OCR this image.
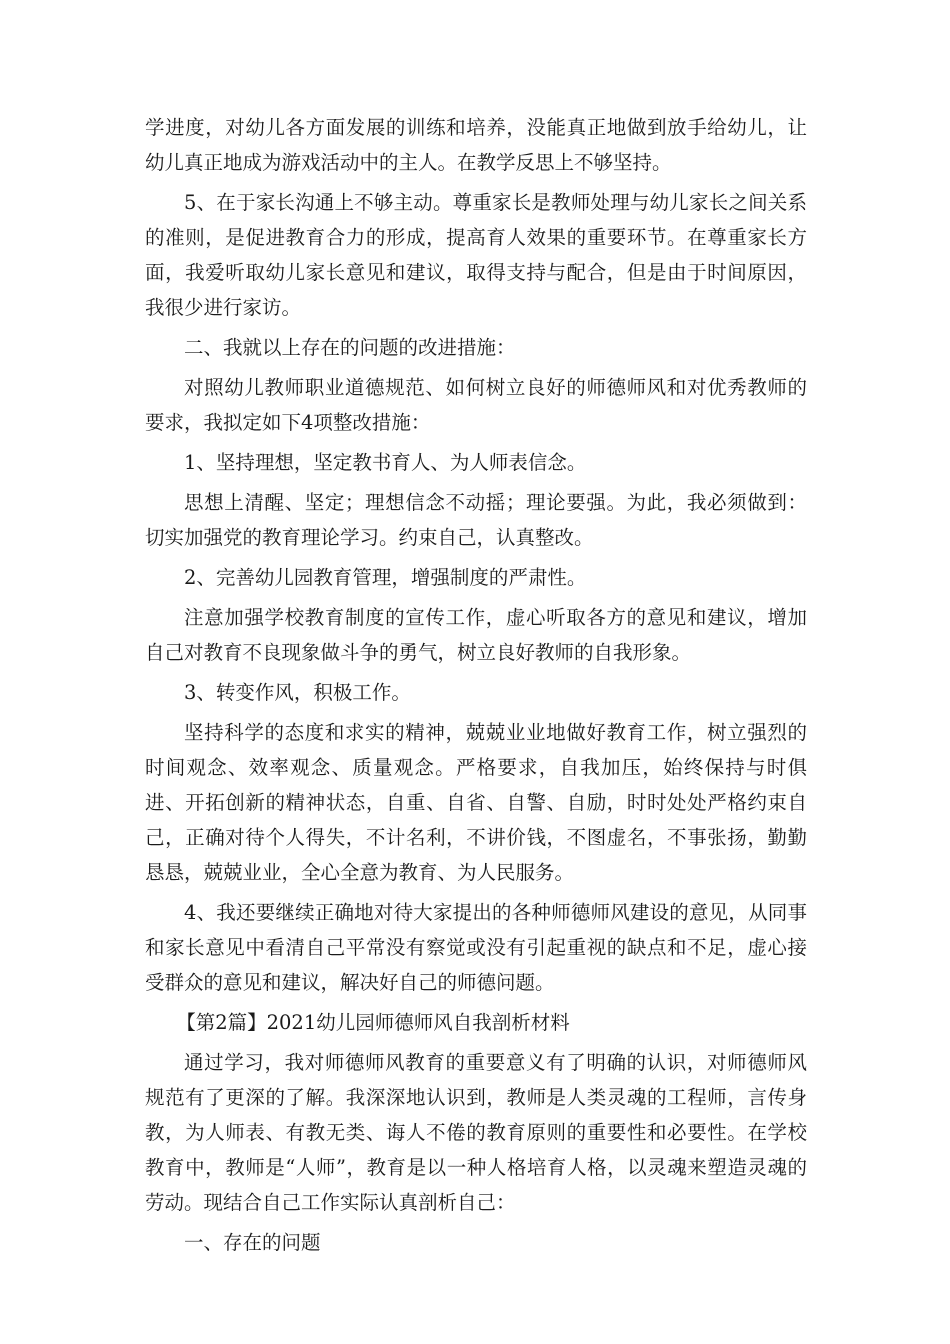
学进度，对幼儿各方面发展的训练和培养，没能真正地做到放手给幼儿，让幼儿真正地成为游戏活动中的主人。在教学反思上不够坚持。

5、在于家长沟通上不够主动。尊重家长是教师处理与幼儿家长之间关系的准则，是促进教育合力的形成，提高育人效果的重要环节。在尊重家长方面，我爱听取幼儿家长意见和建议，取得支持与配合，但是由于时间原因，我很少进行家访。

二、我就以上存在的问题的改进措施：

对照幼儿教师职业道德规范、如何树立良好的师德师风和对优秀教师的要求，我拟定如下4项整改措施：

1、坚持理想，坚定教书育人、为人师表信念。

思想上清醒、坚定；理想信念不动摇；理论要强。为此，我必须做到：切实加强党的教育理论学习。约束自己，认真整改。

2、完善幼儿园教育管理，增强制度的严肃性。

注意加强学校教育制度的宣传工作，虚心听取各方的意见和建议，增加自己对教育不良现象做斗争的勇气，树立良好教师的自我形象。

3、转变作风，积极工作。

坚持科学的态度和求实的精神，兢兢业业地做好教育工作，树立强烈的时间观念、效率观念、质量观念。严格要求，自我加压，始终保持与时俱进、开拓创新的精神状态，自重、自省、自警、自励，时时处处严格约束自己，正确对待个人得失，不计名利，不讲价钱，不图虚名，不事张扬，勤勤恳恳，兢兢业业，全心全意为教育、为人民服务。

4、我还要继续正确地对待大家提出的各种师德师风建设的意见，从同事和家长意见中看清自己平常没有察觉或没有引起重视的缺点和不足，虚心接受群众的意见和建议，解决好自己的师德问题。

【第2篇】2021幼儿园师德师风自我剖析材料

通过学习，我对师德师风教育的重要意义有了明确的认识，对师德师风规范有了更深的了解。我深深地认识到，教师是人类灵魂的工程师，言传身教，为人师表、有教无类、诲人不倦的教育原则的重要性和必要性。在学校教育中，教师是“人师”，教育是以一种人格培育人格，以灵魂来塑造灵魂的劳动。现结合自己工作实际认真剖析自己：

一、存在的问题
